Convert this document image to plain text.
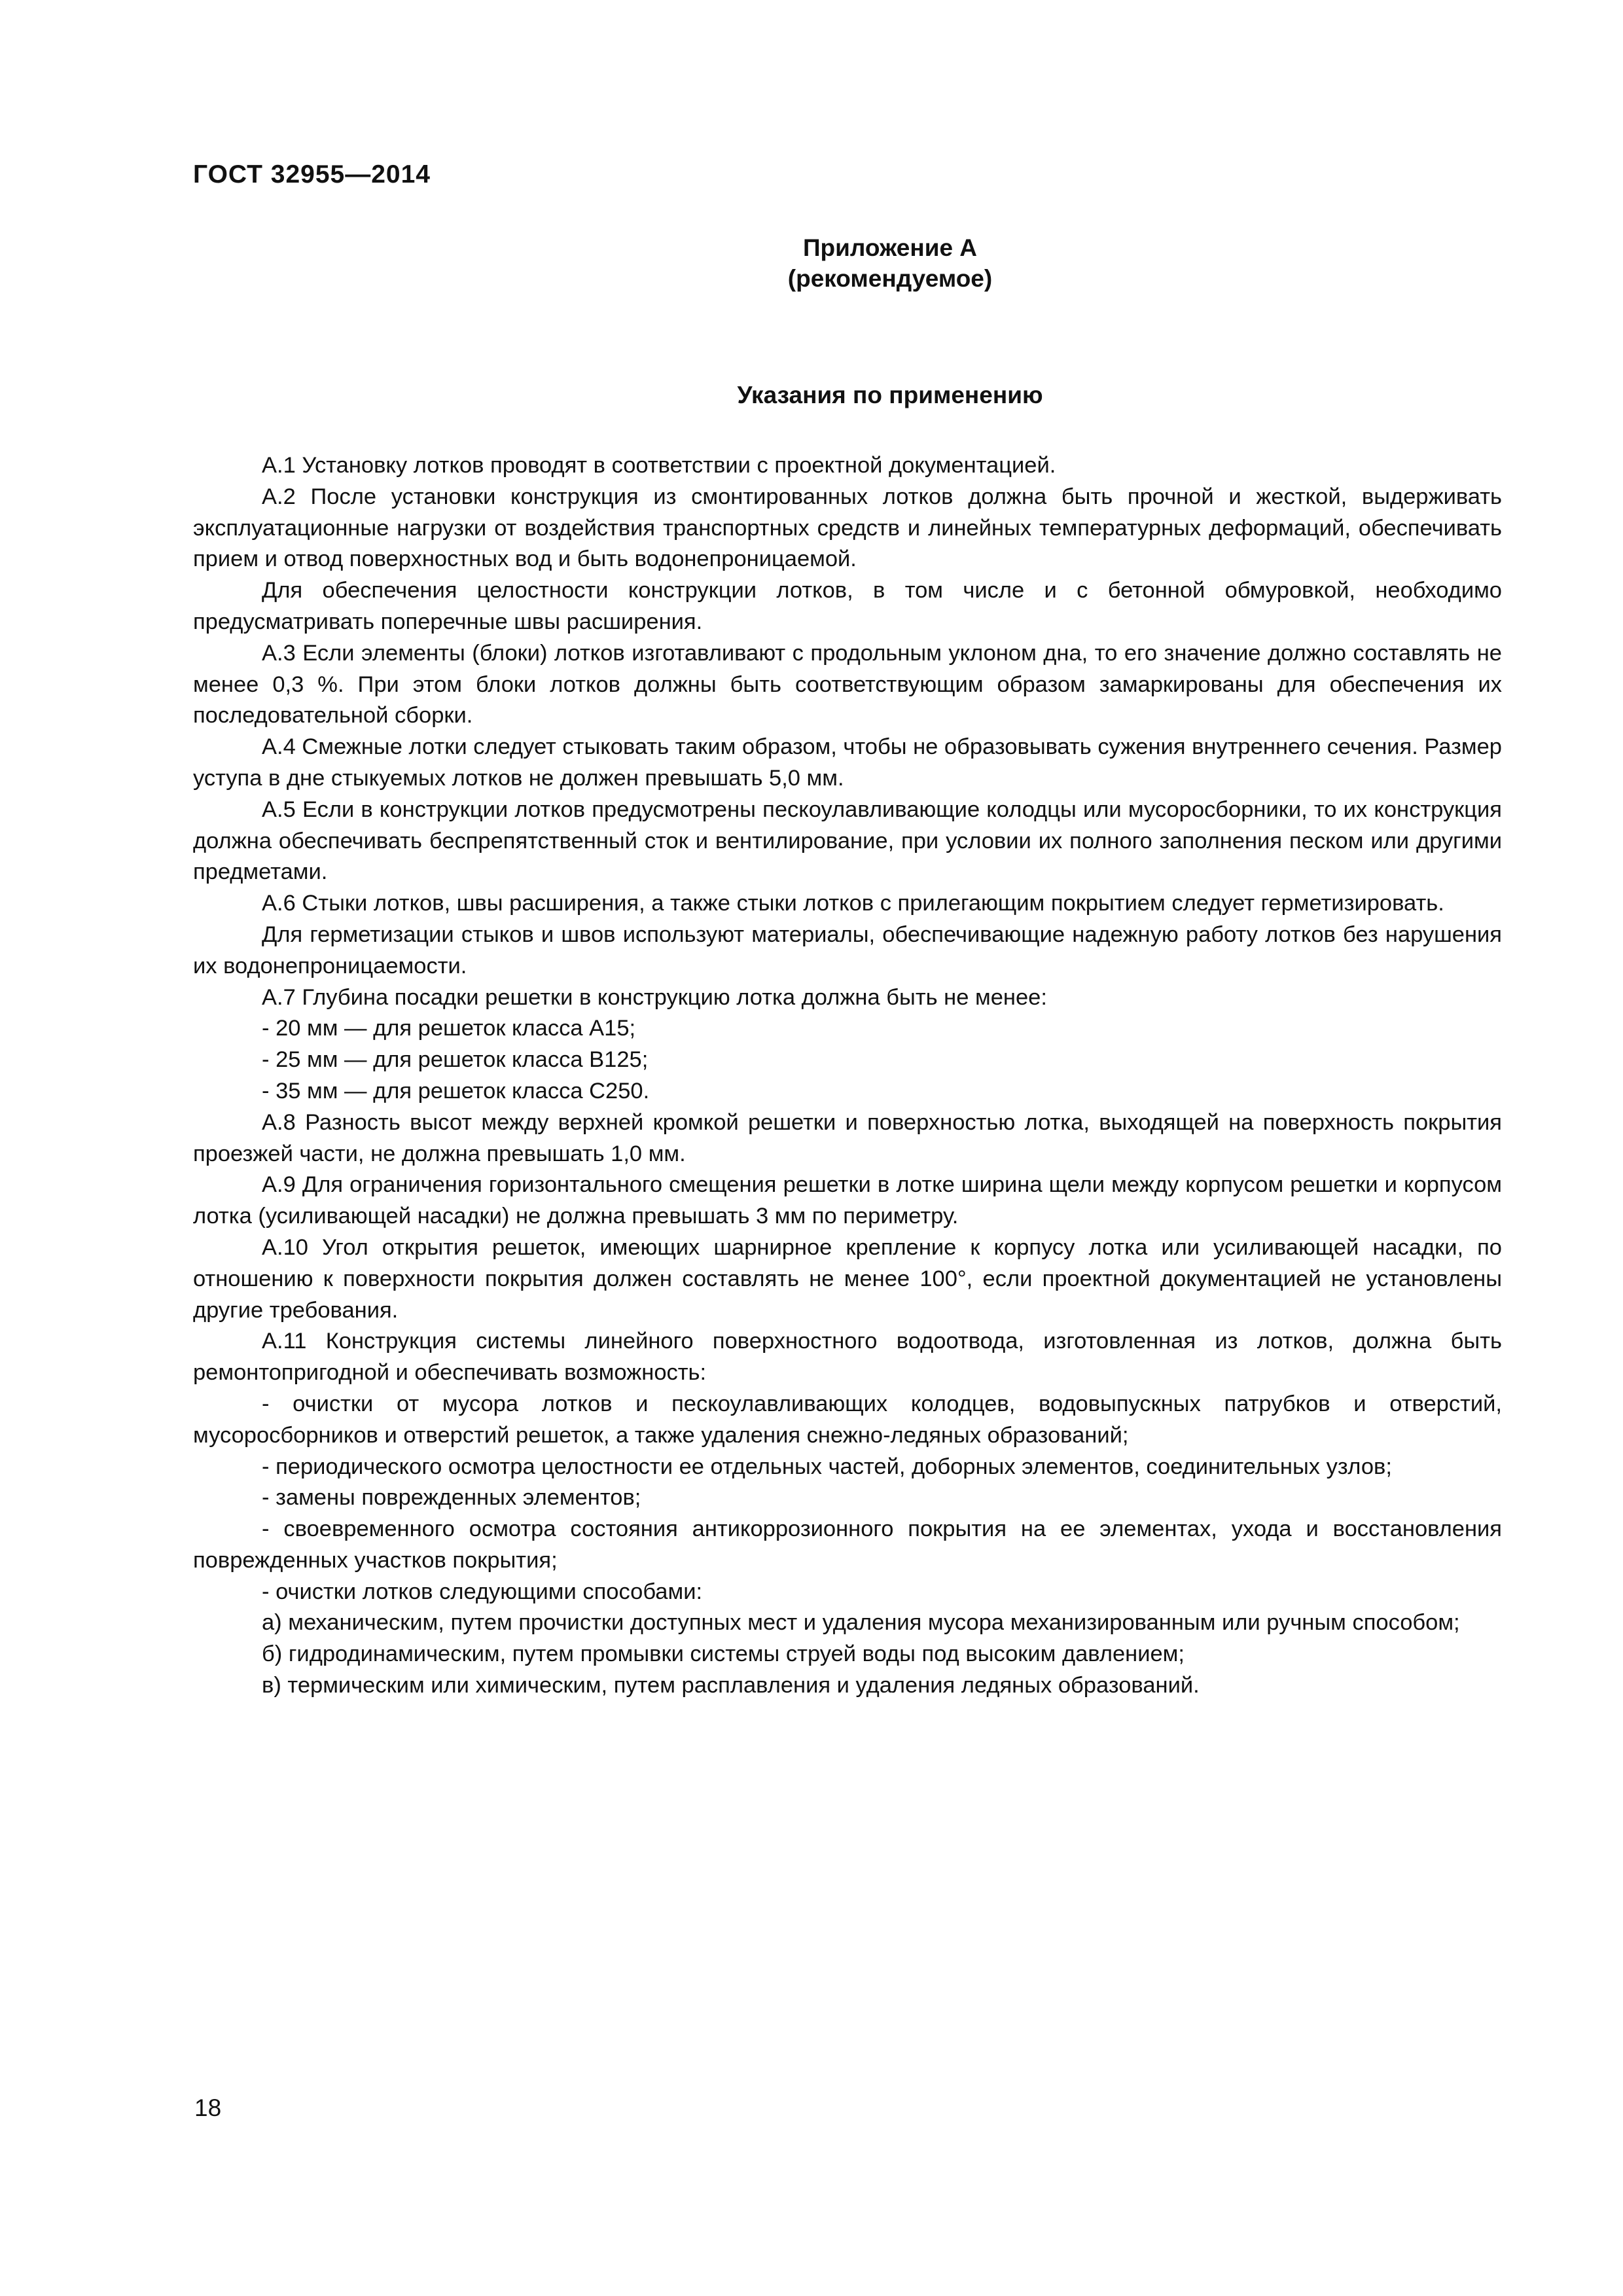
ГОСТ 32955—2014
Приложение А
(рекомендуемое)
Указания по применению

А.1 Установку лотков проводят в соответствии с проектной документацией.

А.2 После установки конструкция из смонтированных лотков должна быть прочной и жесткой, выдерживать эксплуатационные нагрузки от воздействия транспортных средств и линейных температурных деформаций, обеспечивать прием и отвод поверхностных вод и быть водонепроницаемой.

Для обеспечения целостности конструкции лотков, в том числе и с бетонной обмуровкой, необходимо предусматривать поперечные швы расширения.

А.3 Если элементы (блоки) лотков изготавливают с продольным уклоном дна, то его значение должно составлять не менее 0,3 %. При этом блоки лотков должны быть соответствующим образом замаркированы для обеспечения их последовательной сборки.

А.4 Смежные лотки следует стыковать таким образом, чтобы не образовывать сужения внутреннего сечения. Размер уступа в дне стыкуемых лотков не должен превышать 5,0 мм.

А.5 Если в конструкции лотков предусмотрены пескоулавливающие колодцы или мусоросборники, то их конструкция должна обеспечивать беспрепятственный сток и вентилирование, при условии их полного заполнения песком или другими предметами.

А.6 Стыки лотков, швы расширения, а также стыки лотков с прилегающим покрытием следует герметизировать.

Для герметизации стыков и швов используют материалы, обеспечивающие надежную работу лотков без нарушения их водонепроницаемости.

А.7 Глубина посадки решетки в конструкцию лотка должна быть не менее:

- 20 мм — для решеток класса А15;

- 25 мм — для решеток класса В125;

- 35 мм — для решеток класса С250.

А.8 Разность высот между верхней кромкой решетки и поверхностью лотка, выходящей на поверхность покрытия проезжей части, не должна превышать 1,0 мм.

А.9 Для ограничения горизонтального смещения решетки в лотке ширина щели между корпусом решетки и корпусом лотка (усиливающей насадки) не должна превышать 3 мм по периметру.

А.10 Угол открытия решеток, имеющих шарнирное крепление к корпусу лотка или усиливающей насадки, по отношению к поверхности покрытия должен составлять не менее 100°, если проектной документацией не установлены другие требования.

А.11 Конструкция системы линейного поверхностного водоотвода, изготовленная из лотков, должна быть ремонтопригодной и обеспечивать возможность:

- очистки от мусора лотков и пескоулавливающих колодцев, водовыпускных патрубков и отверстий, мусоросборников и отверстий решеток, а также удаления снежно-ледяных образований;

- периодического осмотра целостности ее отдельных частей, доборных элементов, соединительных узлов;

- замены поврежденных элементов;

- своевременного осмотра состояния антикоррозионного покрытия на ее элементах, ухода и восстановления поврежденных участков покрытия;

- очистки лотков следующими способами:

а) механическим, путем прочистки доступных мест и удаления мусора механизированным или ручным способом;

б) гидродинамическим, путем промывки системы струей воды под высоким давлением;

в) термическим или химическим, путем расплавления и удаления ледяных образований.

18
